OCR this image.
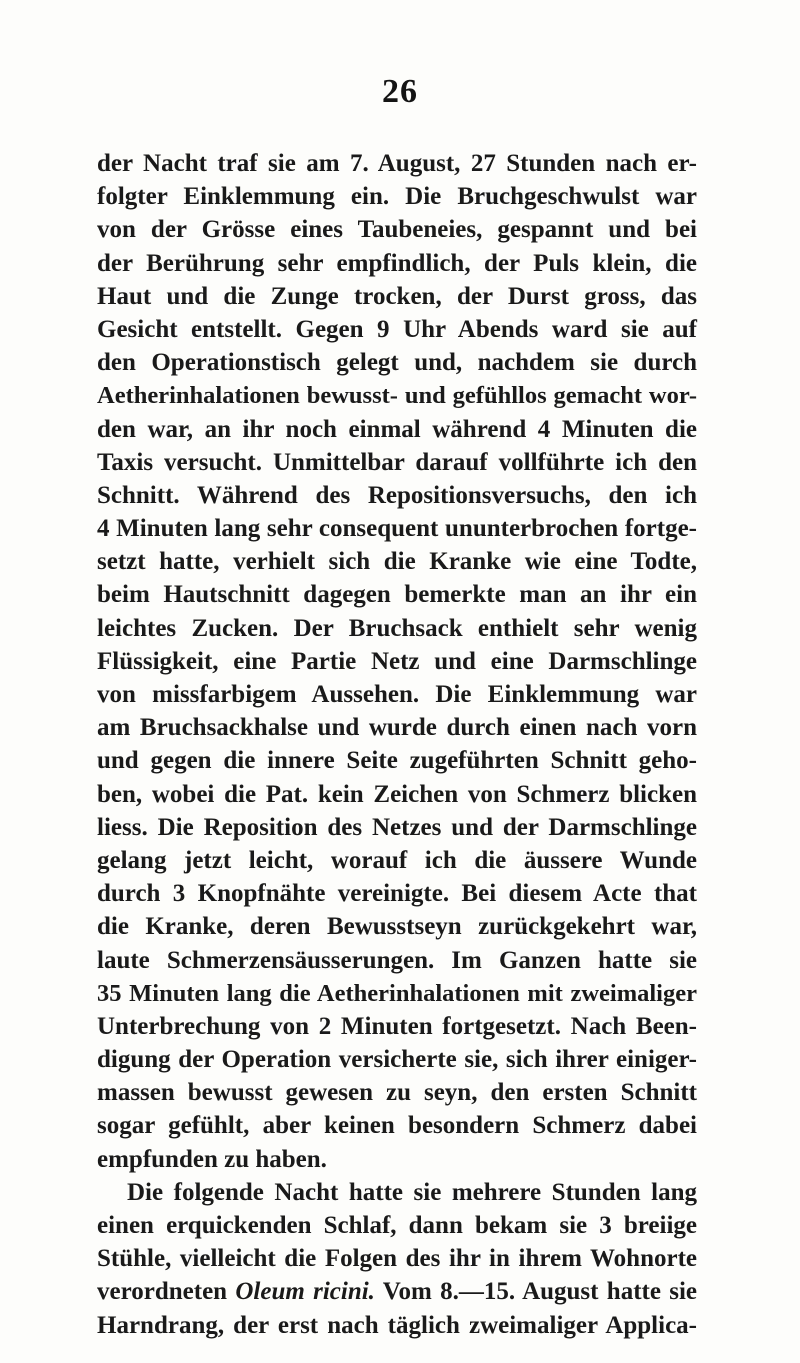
26
der Nacht traf sie am 7. August, 27 Stunden nach er-
folgter Einklemmung ein. Die Bruchgeschwulst war
von der Grösse eines Taubeneies, gespannt und bei
der Berührung sehr empfindlich, der Puls klein, die
Haut und die Zunge trocken, der Durst gross, das
Gesicht entstellt. Gegen 9 Uhr Abends ward sie auf
den Operationstisch gelegt und, nachdem sie durch
Aetherinhalationen bewusst- und gefühllos gemacht wor-
den war, an ihr noch einmal während 4 Minuten die
Taxis versucht. Unmittelbar darauf vollführte ich den
Schnitt. Während des Repositionsversuchs, den ich
4 Minuten lang sehr consequent ununterbrochen fortge-
setzt hatte, verhielt sich die Kranke wie eine Todte,
beim Hautschnitt dagegen bemerkte man an ihr ein
leichtes Zucken. Der Bruchsack enthielt sehr wenig
Flüssigkeit, eine Partie Netz und eine Darmschlinge
von missfarbigem Aussehen. Die Einklemmung war
am Bruchsackhalse und wurde durch einen nach vorn
und gegen die innere Seite zugeführten Schnitt geho-
ben, wobei die Pat. kein Zeichen von Schmerz blicken
liess. Die Reposition des Netzes und der Darmschlinge
gelang jetzt leicht, worauf ich die äussere Wunde
durch 3 Knopfnähte vereinigte. Bei diesem Acte that
die Kranke, deren Bewusstseyn zurückgekehrt war,
laute Schmerzensäusserungen. Im Ganzen hatte sie
35 Minuten lang die Aetherinhalationen mit zweimaliger
Unterbrechung von 2 Minuten fortgesetzt. Nach Been-
digung der Operation versicherte sie, sich ihrer einiger-
massen bewusst gewesen zu seyn, den ersten Schnitt
sogar gefühlt, aber keinen besondern Schmerz dabei
empfunden zu haben.
Die folgende Nacht hatte sie mehrere Stunden lang
einen erquickenden Schlaf, dann bekam sie 3 breiige
Stühle, vielleicht die Folgen des ihr in ihrem Wohnorte
verordneten Oleum ricini. Vom 8.—15. August hatte sie
Harndrang, der erst nach täglich zweimaliger Applica-
